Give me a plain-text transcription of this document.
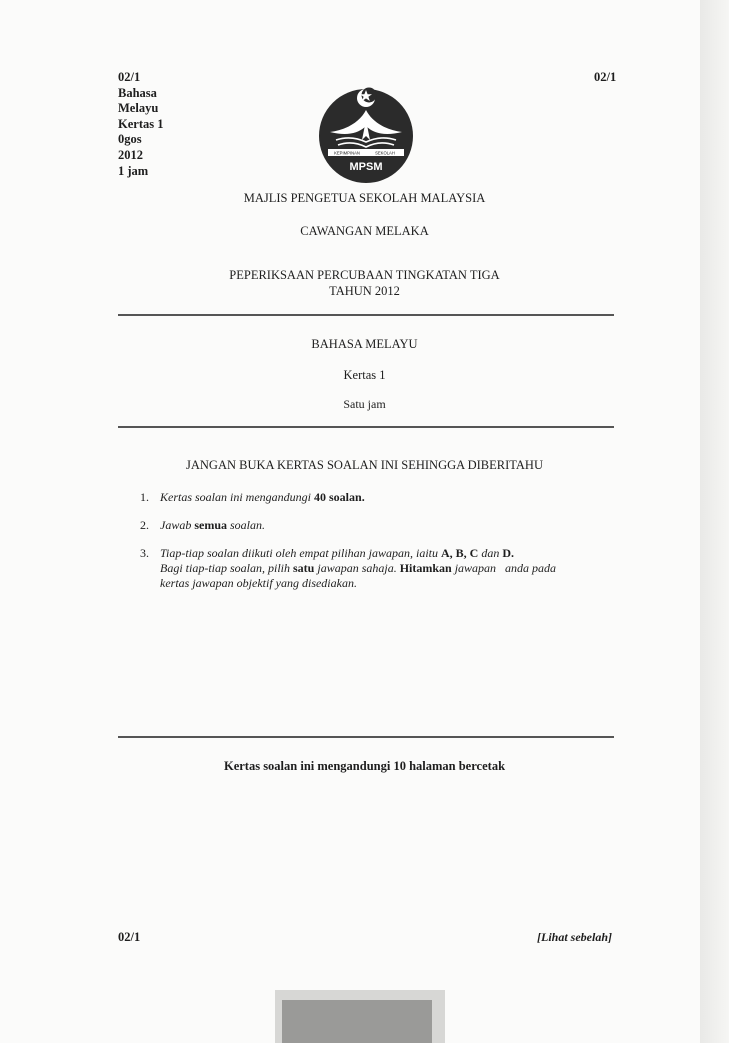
02/1
Bahasa
Melayu
Kertas 1
0gos
2012
1 jam
02/1
KEPIMPINAN	SEKOLAH
MPSM
MAJLIS PENGETUA SEKOLAH MALAYSIA
CAWANGAN MELAKA
PEPERIKSAAN PERCUBAAN TINGKATAN TIGA
TAHUN 2012
BAHASA MELAYU
Kertas 1
Satu jam
JANGAN BUKA KERTAS SOALAN INI SEHINGGA DIBERITAHU
1. Kertas soalan ini mengandungi 40 soalan.
2. Jawab semua soalan.
3. Tiap-tiap soalan diikuti oleh empat pilihan jawapan, iaitu A, B, C dan D.
Bagi tiap-tiap soalan, pilih satu jawapan sahaja. Hitamkan jawapan   anda pada
kertas jawapan objektif yang disediakan.
Kertas soalan ini mengandungi 10 halaman bercetak
02/1	[Lihat sebelah]
